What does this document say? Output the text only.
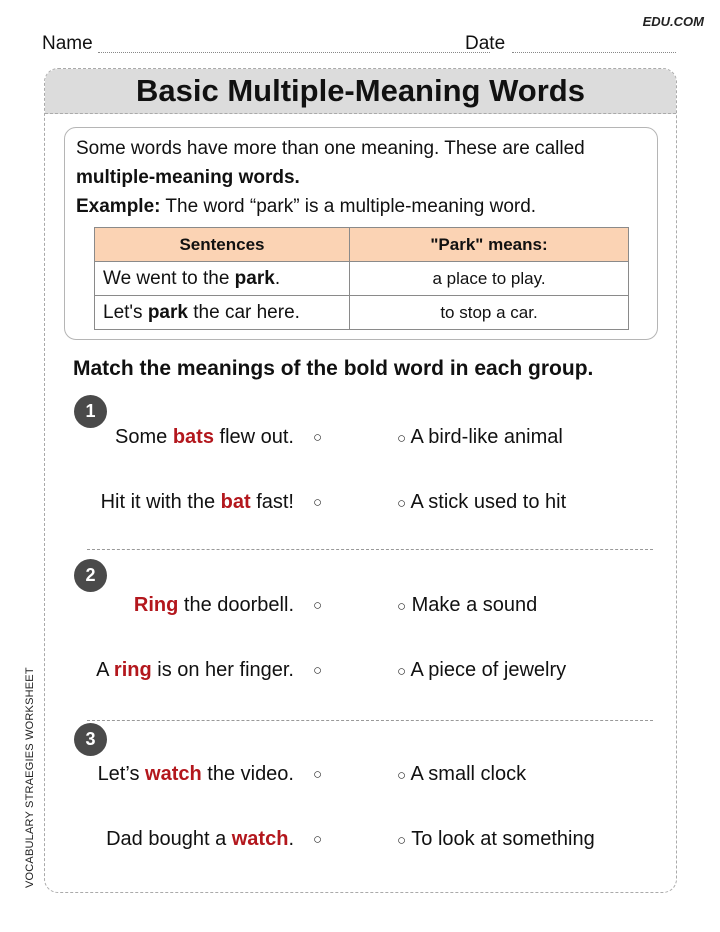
EDU.COM
Name	Date
VOCABULARY STRAEGIES WORKSHEET
Basic Multiple-Meaning Words

Some words have more than one meaning. These are called

multiple-meaning words.

Example: The word “park” is a multiple-meaning word.

Sentences	"Park" means:
We went to the park.	a place to play.
Let's park the car here.	to stop a car.
Match the meanings of the bold word in each group.
1
Some bats flew out. ○	○ A bird-like animal
Hit it with the bat fast! ○	○ A stick used to hit
2
Ring the doorbell. ○	○ Make a sound
A ring is on her finger. ○	○ A piece of jewelry
3
Let’s watch the video. ○	○ A small clock
Dad bought a watch. ○	○ To look at something
